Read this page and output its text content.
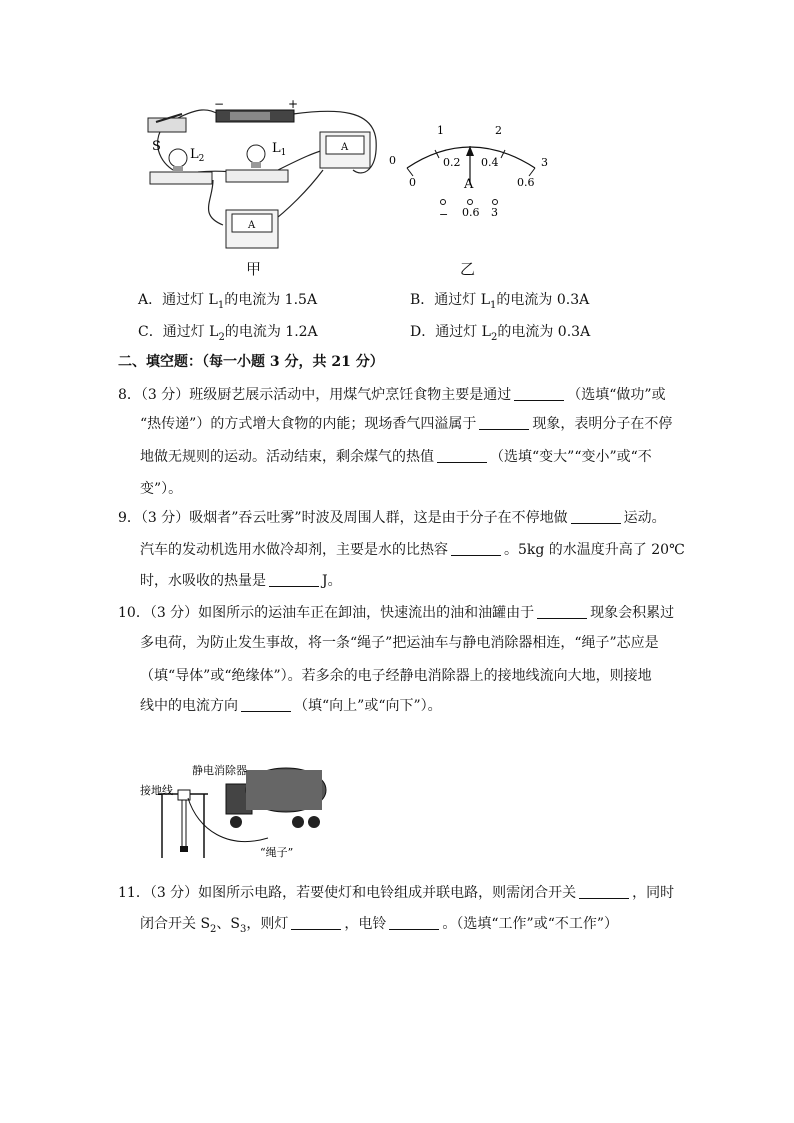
S
−	+
$L_2$
$L_1$	A
A
甲
0
1	2
3
0
0.2 0.4
0.6
A
− 0.6 3
乙
A．通过灯 $L_1$的电流为 1.5A	B．通过灯 $L_1$的电流为 0.3A
C．通过灯 $L_2$的电流为 1.2A	D．通过灯 $L_2$的电流为 0.3A
二、填空题：（每一小题 3 分，共 21 分）
8．（3 分）班级厨艺展示活动中，用煤气炉烹饪食物主要是通过	（选填“做功”或
“热传递”）的方式增大食物的内能；现场香气四溢属于	现象，表明分子在不停
地做无规则的运动。活动结束，剩余煤气的热值	（选填“变大”“变小”或“不
变”）。
9．（3 分）吸烟者”吞云吐雾”时波及周围人群，这是由于分子在不停地做	运动。
汽车的发动机选用水做冷却剂，主要是水的比热容	。5kg 的水温度升高了 20℃
时，水吸收的热量是	J。
10．（3 分）如图所示的运油车正在卸油，快速流出的油和油罐由于	现象会积累过
多电荷，为防止发生事故，将一条“绳子”把运油车与静电消除器相连，“绳子”芯应是
（填“导体”或“绝缘体”）。若多余的电子经静电消除器上的接地线流向大地，则接地
线中的电流方向	（填“向上”或“向下”）。
静电消除器
接地线
“绳子”
11．（3 分）如图所示电路，若要使灯和电铃组成并联电路，则需闭合开关	，同时
闭合开关 $S_2$、$S_3$，则灯	，电铃	。（选填“工作”或“不工作”）
